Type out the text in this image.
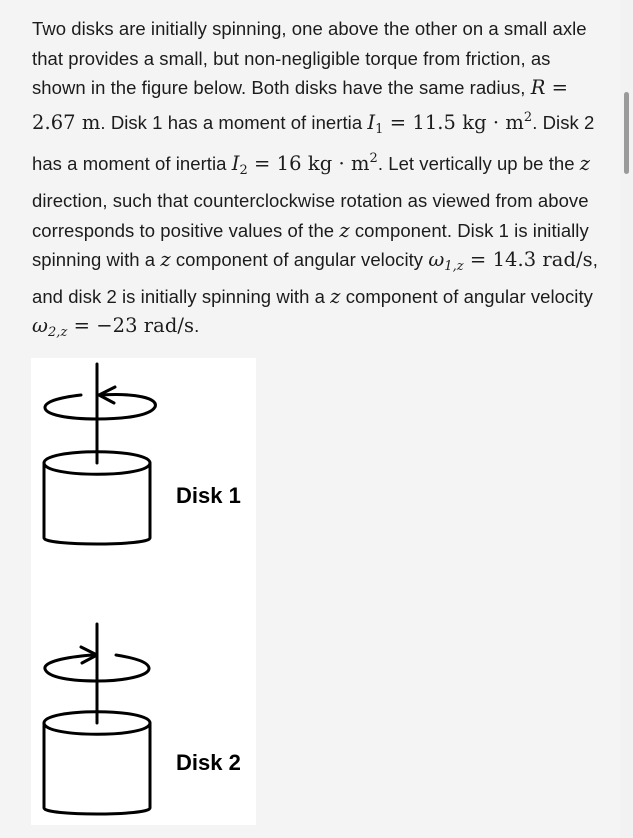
Two disks are initially spinning, one above the other on a small axle that provides a small, but non-negligible torque from friction, as shown in the figure below. Both disks have the same radius, R = 2.67 m. Disk 1 has a moment of inertia $I_1 = 11.5$ kg · $m^2$. Disk 2 has a moment of inertia $I_2 = 16$ kg · $m^2$. Let vertically up be the z direction, such that counterclockwise rotation as viewed from above corresponds to positive values of the z component. Disk 1 is initially spinning with a z component of angular velocity $\omega_{1,z} = 14.3$ rad/s, and disk 2 is initially spinning with a z component of angular velocity $\omega_{2,z} = -23$ rad/s.
Disk 1
Disk 2
